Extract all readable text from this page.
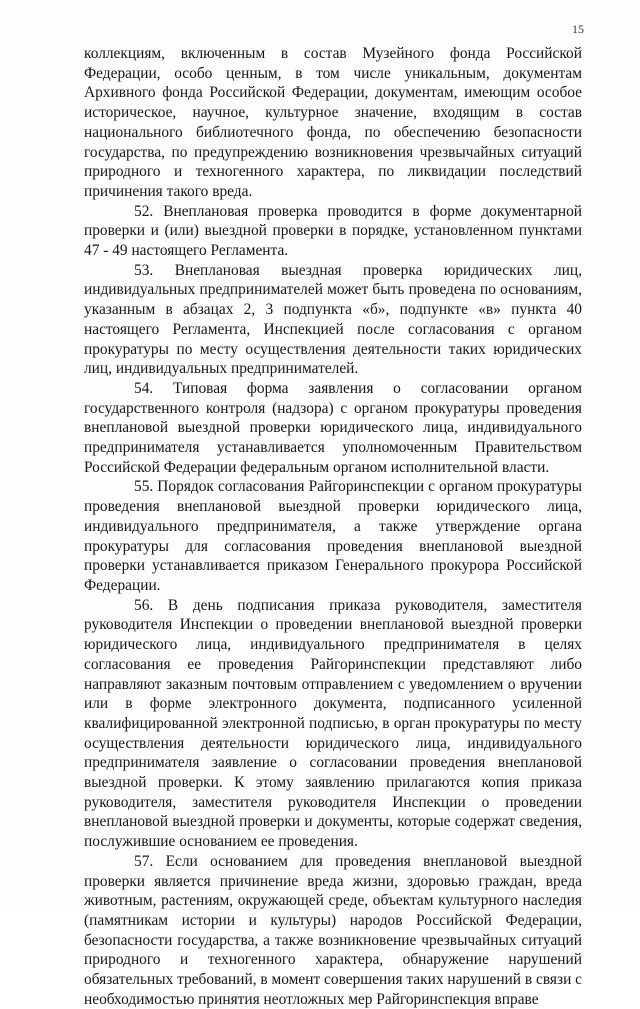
15

коллекциям, включенным в состав Музейного фонда Российской Федерации, особо ценным, в том числе уникальным, документам Архивного фонда Российской Федерации, документам, имеющим особое историческое, научное, культурное значение, входящим в состав национального библиотечного фонда, по обеспечению безопасности государства, по предупреждению возникновения чрезвычайных ситуаций природного и техногенного характера, по ликвидации последствий причинения такого вреда.

52. Внеплановая проверка проводится в форме документарной проверки и (или) выездной проверки в порядке, установленном пунктами 47 - 49 настоящего Регламента.

53. Внеплановая выездная проверка юридических лиц, индивидуальных предпринимателей может быть проведена по основаниям, указанным в абзацах 2, 3 подпункта «б», подпункте «в» пункта 40 настоящего Регламента, Инспекцией после согласования с органом прокуратуры по месту осуществления деятельности таких юридических лиц, индивидуальных предпринимателей.

54. Типовая форма заявления о согласовании органом государственного контроля (надзора) с органом прокуратуры проведения внеплановой выездной проверки юридического лица, индивидуального предпринимателя устанавливается уполномоченным Правительством Российской Федерации федеральным органом исполнительной власти.

55. Порядок согласования Райгоринспекции с органом прокуратуры проведения внеплановой выездной проверки юридического лица, индивидуального предпринимателя, а также утверждение органа прокуратуры для согласования проведения внеплановой выездной проверки устанавливается приказом Генерального прокурора Российской Федерации.

56. В день подписания приказа руководителя, заместителя руководителя Инспекции о проведении внеплановой выездной проверки юридического лица, индивидуального предпринимателя в целях согласования ее проведения Райгоринспекции представляют либо направляют заказным почтовым отправлением с уведомлением о вручении или в форме электронного документа, подписанного усиленной квалифицированной электронной подписью, в орган прокуратуры по месту осуществления деятельности юридического лица, индивидуального предпринимателя заявление о согласовании проведения внеплановой выездной проверки. К этому заявлению прилагаются копия приказа руководителя, заместителя руководителя Инспекции о проведении внеплановой выездной проверки и документы, которые содержат сведения, послужившие основанием ее проведения.

57. Если основанием для проведения внеплановой выездной проверки является причинение вреда жизни, здоровью граждан, вреда животным, растениям, окружающей среде, объектам культурного наследия (памятникам истории и культуры) народов Российской Федерации, безопасности государства, а также возникновение чрезвычайных ситуаций природного и техногенного характера, обнаружение нарушений обязательных требований, в момент совершения таких нарушений в связи с необходимостью принятия неотложных мер Райгоринспекция вправе
